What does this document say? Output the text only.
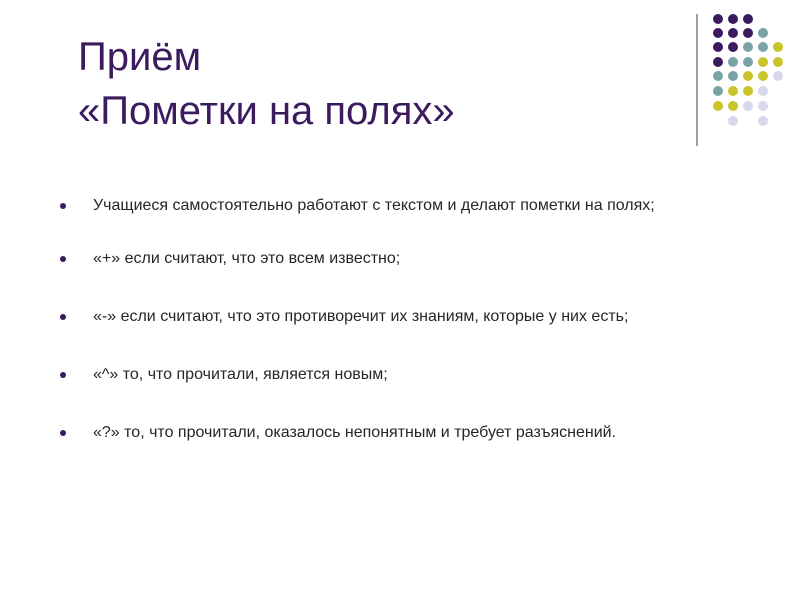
Приём
«Пометки на полях»
Учащиеся самостоятельно работают с текстом и делают пометки на полях;
«+» если считают, что это всем известно;
«-» если считают, что это противоречит их знаниям, которые у них есть;
«^» то, что прочитали, является новым;
«?» то, что прочитали, оказалось непонятным и требует разъяснений.
